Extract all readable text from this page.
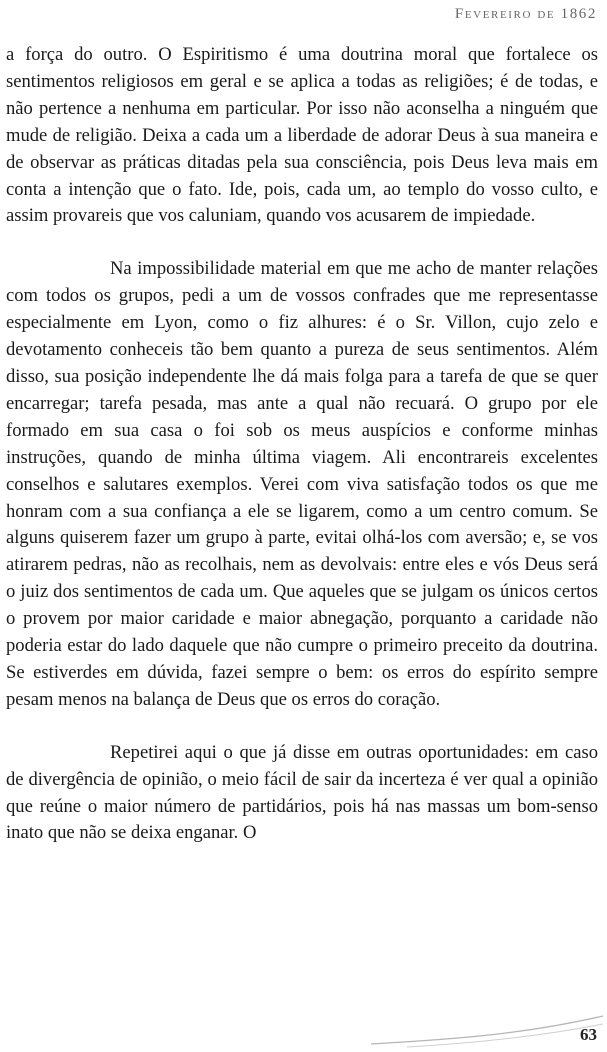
Fevereiro de 1862

a força do outro. O Espiritismo é uma doutrina moral que fortalece os sentimentos religiosos em geral e se aplica a todas as religiões; é de todas, e não pertence a nenhuma em particular. Por isso não aconselha a ninguém que mude de religião. Deixa a cada um a liberdade de adorar Deus à sua maneira e de observar as práticas ditadas pela sua consciência, pois Deus leva mais em conta a intenção que o fato. Ide, pois, cada um, ao templo do vosso culto, e assim provareis que vos caluniam, quando vos acusarem de impiedade.

Na impossibilidade material em que me acho de manter relações com todos os grupos, pedi a um de vossos confrades que me representasse especialmente em Lyon, como o fiz alhures: é o Sr. Villon, cujo zelo e devotamento conheceis tão bem quanto a pureza de seus sentimentos. Além disso, sua posição independente lhe dá mais folga para a tarefa de que se quer encarregar; tarefa pesada, mas ante a qual não recuará. O grupo por ele formado em sua casa o foi sob os meus auspícios e conforme minhas instruções, quando de minha última viagem. Ali encontrareis excelentes conselhos e salutares exemplos. Verei com viva satisfação todos os que me honram com a sua confiança a ele se ligarem, como a um centro comum. Se alguns quiserem fazer um grupo à parte, evitai olhá-los com aversão; e, se vos atirarem pedras, não as recolhais, nem as devolvais: entre eles e vós Deus será o juiz dos sentimentos de cada um. Que aqueles que se julgam os únicos certos o provem por maior caridade e maior abnegação, porquanto a caridade não poderia estar do lado daquele que não cumpre o primeiro preceito da doutrina. Se estiverdes em dúvida, fazei sempre o bem: os erros do espírito sempre pesam menos na balança de Deus que os erros do coração.

Repetirei aqui o que já disse em outras oportunidades: em caso de divergência de opinião, o meio fácil de sair da incerteza é ver qual a opinião que reúne o maior número de partidários, pois há nas massas um bom-senso inato que não se deixa enganar. O

63
